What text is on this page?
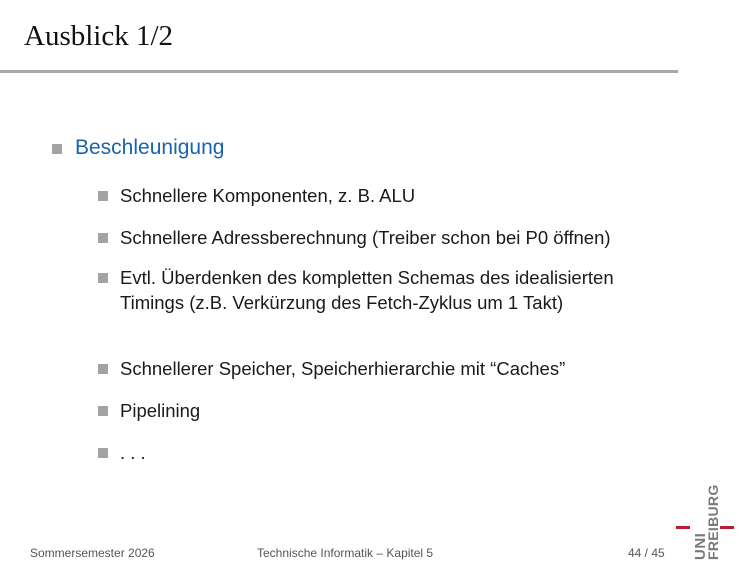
Ausblick 1/2
Beschleunigung
Schnellere Komponenten, z. B. ALU
Schnellere Adressberechnung (Treiber schon bei P0 öffnen)
Evtl. Überdenken des kompletten Schemas des idealisierten Timings (z.B. Verkürzung des Fetch-Zyklus um 1 Takt)
Schnellerer Speicher, Speicherhierarchie mit “Caches”
Pipelining
. . .
Sommersemester 2026	Technische Informatik – Kapitel 5	44 / 45 UNI
FREIBURG
